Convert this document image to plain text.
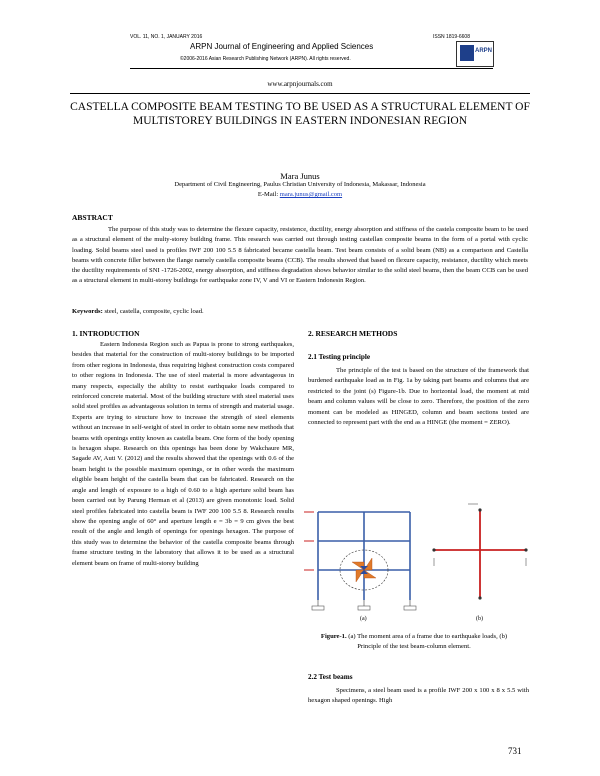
VOL. 11, NO. 1, JANUARY 2016	ISSN 1819-6608
ARPN Journal of Engineering and Applied Sciences
©2006-2016 Asian Research Publishing Network (ARPN). All rights reserved.
ARPN
www.arpnjournals.com
CASTELLA COMPOSITE BEAM TESTING TO BE USED AS A STRUCTURAL ELEMENT OF MULTISTOREY BUILDINGS IN EASTERN INDONESIAN REGION
Mara Junus
Department of Civil Engineering, Paulus Christian University of Indonesia, Makassar, Indonesia
E-Mail: mara.junus@gmail.com
ABSTRACT
The purpose of this study was to determine the flexure capacity, resistence, ductility, energy absorption and stiffness of the castela composite beam to be used as a structural element of the multy-storey building frame. This research was carried out through testing castellan composite beams in the form of a portal with cyclic loading. Solid beams steel used is profiles IWF 200 100 5.5 8 fabricated became castella beam. Test beam consists of a solid beam (NB) as a comparison and Castella beams with concrete filler between the flange namely castella composite beams (CCB). The results showed that based on flexure capacity, resistance, ductility which meets the ductility requirements of SNI -1726-2002, energy absorption, and stiffness degradation shows behavior similar to the solid steel beams, then the beam CCB can be used as a structural element in multi-storey buildings for earthquake zone IV, V and VI or Eastern Indonesin Region.
Keywords: steel, castella, composite, cyclic load.
1. INTRODUCTION
Eastern Indonesia Region such as Papua is prone to strong earthquakes, besides that material for the construction of multi-storey buildings to be imported from other regions in Indonesia, thus requiring highest construction costs compared to other regions in Indonesia. The use of steel material is more advantageous in many respects, especially the ability to resist earthquake loads compared to reinforced concrete material. Most of the building structure with steel material uses solid steel profiles as advantageous solution in terms of strength and material usage. Experts are trying to structure how to increase the strength of steel elements without an increase in self-weight of steel in order to obtain some new methods that beams with openings entity known as castella beam. One form of the body opening is hexagon shape. Research on this openings has been done by Wakchaure MR, Sagade AV, Auti V. (2012) and the results showed that the openings with 0.6 of the beam height is the possible maximum openings, or in other words the maximum eligible beam height of the castella beam that can be fabricated. Research on the angle and length of exposure to a high of 0.60 to a high aperture solid beam has been carried out by Parung Herman et al (2013) are given monotonic load. Solid steel profiles fabricated into castella beam is IWF 200 100 5.5 8. Research results show the opening angle of 60° and aperture length e = 3b = 9 cm gives the best result of the angle and length of openings for openings hexagon. The purpose of this study was to determine the behavior of the castella composite beams through frame structure testing in the laboratory that allows it to be used as a structural element beam on frame of multi-storey building
2. RESEARCH METHODS
2.1 Testing principle
The principle of the test is based on the structure of the framework that burdened earthquake load as in Fig. 1a by taking part beams and columns that are restricted to the joint (s) Figure-1b. Due to horizontal load, the moment at mid beam and column values will be close to zero. Therefore, the position of the zero moment can be modeled as HINGED, column and beam sections tested are connected to represent part with the end as a HINGE (the moment = ZERO).
(a)	(b)
Figure-1. (a) The moment area of a frame due to earthquake loads, (b) Principle of the test beam-column element.
2.2 Test beams
Specimens, a steel beam used is a profile IWF 200 x 100 x 8 x 5.5 with hexagon shaped openings. High
731
